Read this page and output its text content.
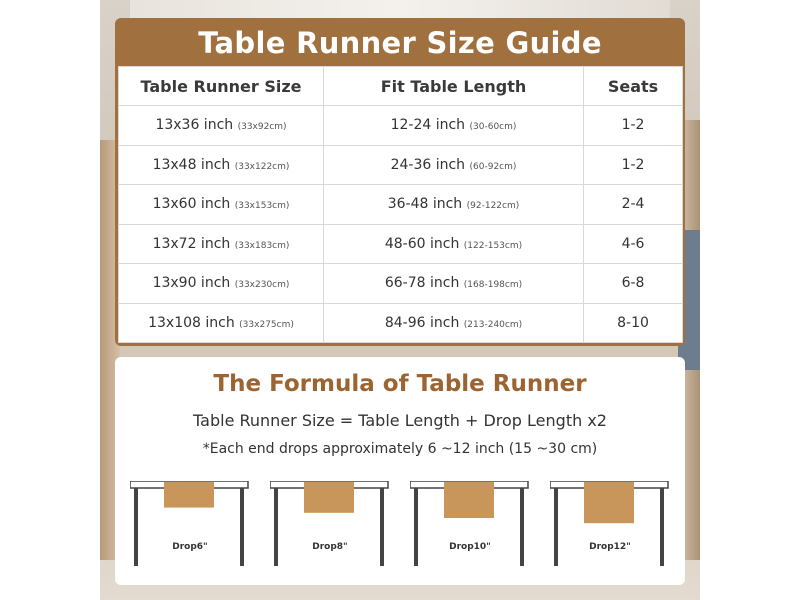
Table Runner Size Guide
Table Runner Size	Fit Table Length	Seats
13x36 inch (33x92cm)	12-24 inch (30-60cm)	1-2
13x48 inch (33x122cm)	24-36 inch (60-92cm)	1-2
13x60 inch (33x153cm)	36-48 inch (92-122cm)	2-4
13x72 inch (33x183cm)	48-60 inch (122-153cm)	4-6
13x90 inch (33x230cm)	66-78 inch (168-198cm)	6-8
13x108 inch (33x275cm)	84-96 inch (213-240cm)	8-10
The Formula of Table Runner
Table Runner Size = Table Length + Drop Length x2
*Each end drops approximately 6 ~12 inch (15 ~30 cm)
Drop6"	Drop8"	Drop10"	Drop12"
